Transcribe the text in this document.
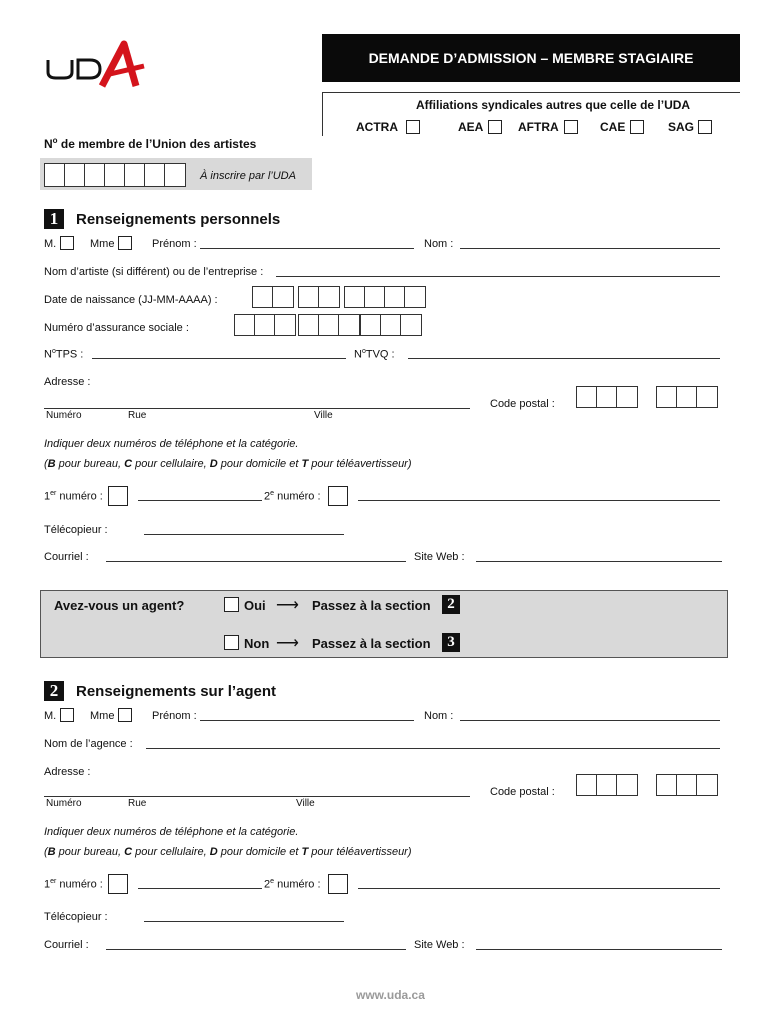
DEMANDE D’ADMISSION – MEMBRE STAGIAIRE
Affiliations syndicales autres que celle de l’UDA
ACTRA	AEA	AFTRA	CAE	SAG
$N^o$ de membre de l’Union des artistes
À inscrire par l’UDA
1	Renseignements personnels
M.	Mme	Prénom :	Nom :
Nom d’artiste (si différent) ou de l’entreprise :
Date de naissance (JJ-MM-AAAA) :
Numéro d’assurance sociale :
$N^oTPS$ :	$N^oTVQ$ :
Adresse :
Numéro	Rue	Ville
Code postal :
Indiquer deux numéros de téléphone et la catégorie.
(B pour bureau, C pour cellulaire, D pour domicile et T pour téléavertisseur)
1er numéro :	2e numéro :
Télécopieur :
Courriel :	Site Web :
Avez-vous un agent?	Oui ⟶ Passez à la section	2
Non ⟶ Passez à la section	3
2	Renseignements sur l’agent
M.	Mme	Prénom :	Nom :
Nom de l’agence :
Adresse :
Numéro	Rue	Ville
Code postal :
Indiquer deux numéros de téléphone et la catégorie.
(B pour bureau, C pour cellulaire, D pour domicile et T pour téléavertisseur)
1er numéro :	2e numéro :
Télécopieur :
Courriel :	Site Web :
www.uda.ca
